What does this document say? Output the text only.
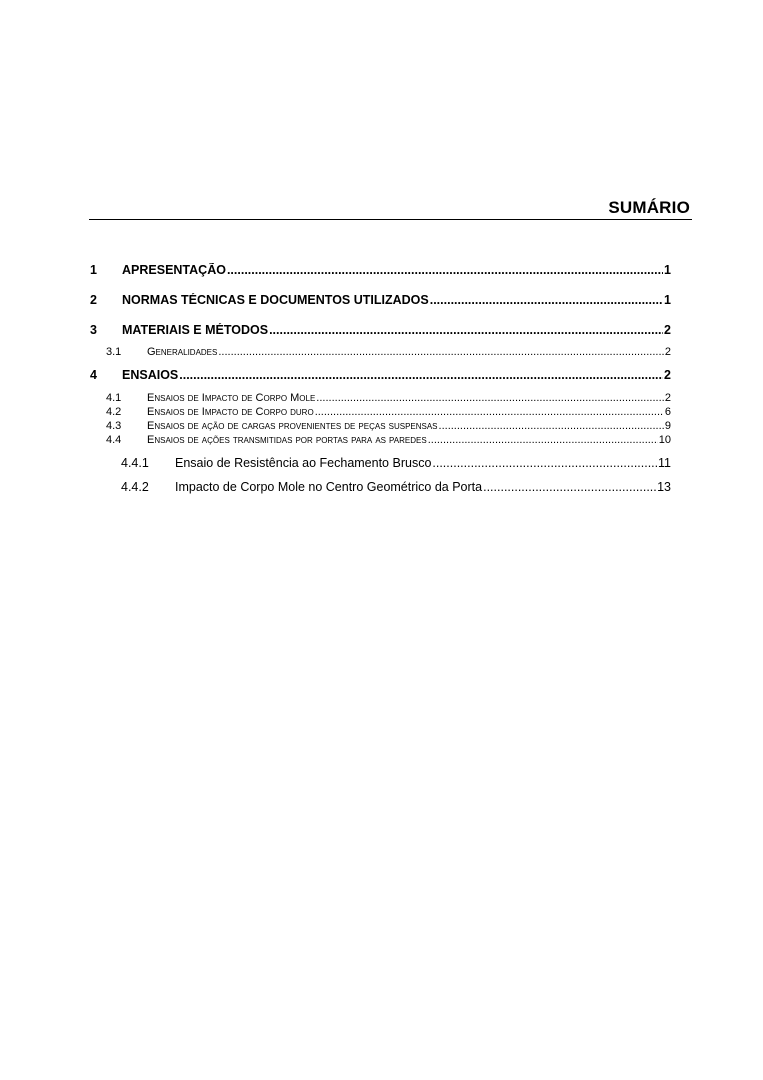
SUMÁRIO
1	APRESENTAÇÃO .....	1
2	NORMAS TÉCNICAS E DOCUMENTOS UTILIZADOS .....	1
3	MATERIAIS E MÉTODOS .....	2
3.1	Generalidades .....	2
4	ENSAIOS .....	2
4.1	Ensaios de Impacto de Corpo Mole .....	2
4.2	Ensaios de Impacto de Corpo duro .....	6
4.3	Ensaios de ação de cargas provenientes de peças suspensas .....	9
4.4	Ensaios de ações transmitidas por portas para as paredes .....	10
4.4.1	Ensaio de Resistência ao Fechamento Brusco .....	11
4.4.2	Impacto de Corpo Mole no Centro Geométrico da Porta .....	13
